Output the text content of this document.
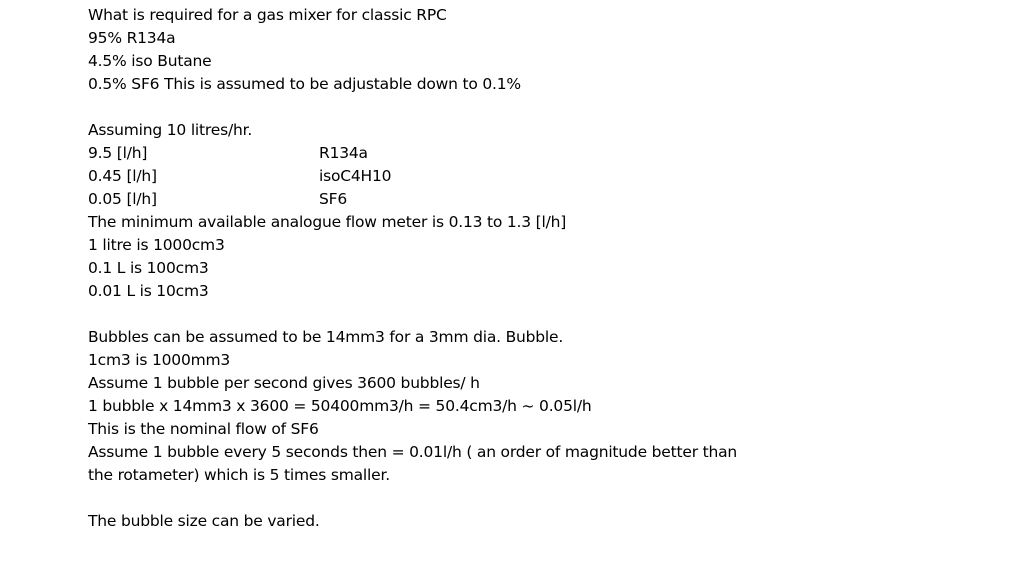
What is required for a gas mixer for classic RPC
95% R134a
4.5% iso Butane
0.5% SF6 This is assumed to be adjustable down to 0.1%
Assuming 10 litres/hr.
9.5 [l/h]	R134a
0.45 [l/h]	isoC4H10
0.05 [l/h]	SF6
The minimum available analogue flow meter is 0.13 to 1.3 [l/h]
1 litre is 1000cm3
0.1 L is 100cm3
0.01 L is 10cm3
Bubbles can be assumed to be 14mm3 for a 3mm dia. Bubble.
1cm3 is 1000mm3
Assume 1 bubble per second gives 3600 bubbles/ h
1 bubble x 14mm3 x 3600 = 50400mm3/h = 50.4cm3/h ~ 0.05l/h
This is the nominal flow of SF6
Assume 1 bubble every 5 seconds then = 0.01l/h ( an order of magnitude better than
the rotameter) which is 5 times smaller.
The bubble size can be varied.
